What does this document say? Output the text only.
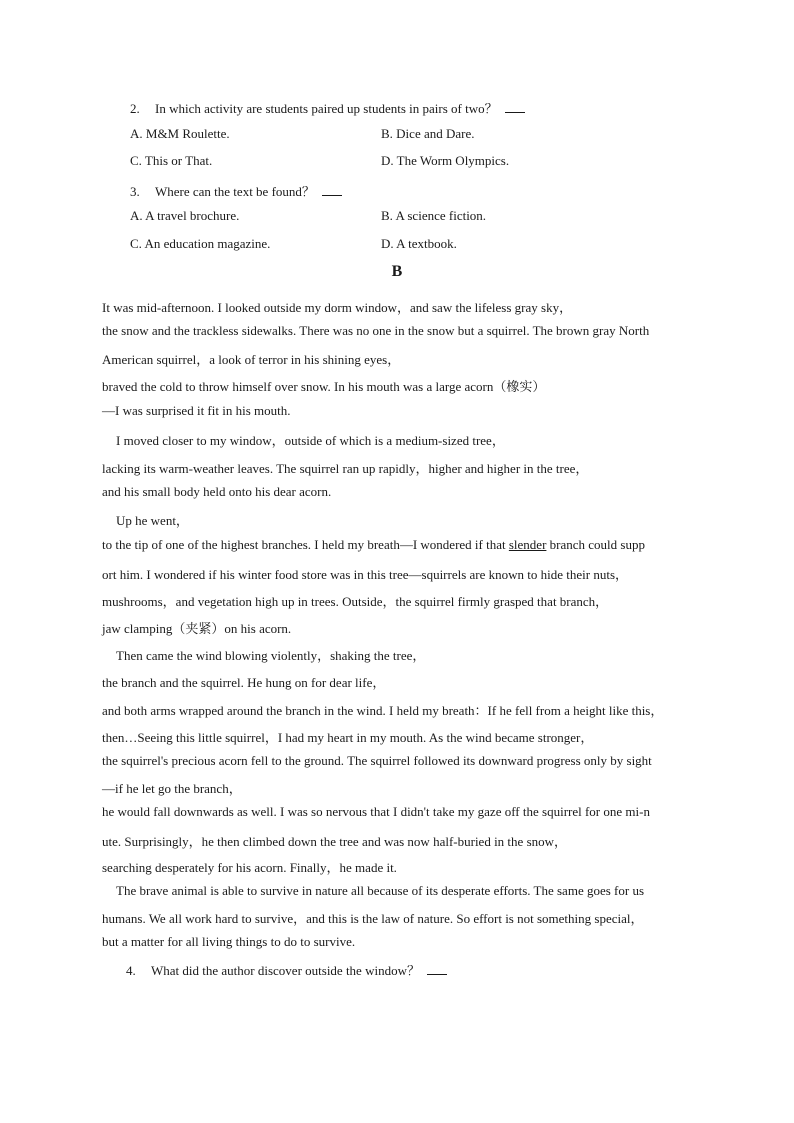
2. In which activity are students paired up students in pairs of two？
A. M&M Roulette.	B. Dice and Dare.
C. This or That.	D. The Worm Olympics.
3. Where can the text be found？
A. A travel brochure.	B. A science fiction.
C. An education magazine.	D. A textbook.
B
It was mid-afternoon. I looked outside my dorm window，and saw the lifeless gray sky，
the snow and the trackless sidewalks. There was no one in the snow but a squirrel. The brown gray North
American squirrel，a look of terror in his shining eyes，
braved the cold to throw himself over snow. In his mouth was a large acorn（橡实）
—I was surprised it fit in his mouth.
I moved closer to my window，outside of which is a medium-sized tree，
lacking its warm-weather leaves. The squirrel ran up rapidly，higher and higher in the tree，
and his small body held onto his dear acorn.
Up he went，
to the tip of one of the highest branches. I held my breath—I wondered if that slender branch could supp
ort him. I wondered if his winter food store was in this tree—squirrels are known to hide their nuts，
mushrooms，and vegetation high up in trees. Outside，the squirrel firmly grasped that branch，
jaw clamping（夹紧）on his acorn.
Then came the wind blowing violently，shaking the tree，
the branch and the squirrel. He hung on for dear life，
and both arms wrapped around the branch in the wind. I held my breath：If he fell from a height like this，
then…Seeing this little squirrel，I had my heart in my mouth. As the wind became stronger，
the squirrel's precious acorn fell to the ground. The squirrel followed its downward progress only by sight
—if he let go the branch，
he would fall downwards as well. I was so nervous that I didn't take my gaze off the squirrel for one mi-n
ute. Surprisingly，he then climbed down the tree and was now half-buried in the snow，
searching desperately for his acorn. Finally，he made it.
The brave animal is able to survive in nature all because of its desperate efforts. The same goes for us
humans. We all work hard to survive，and this is the law of nature. So effort is not something special，
but a matter for all living things to do to survive.
4. What did the author discover outside the window？
